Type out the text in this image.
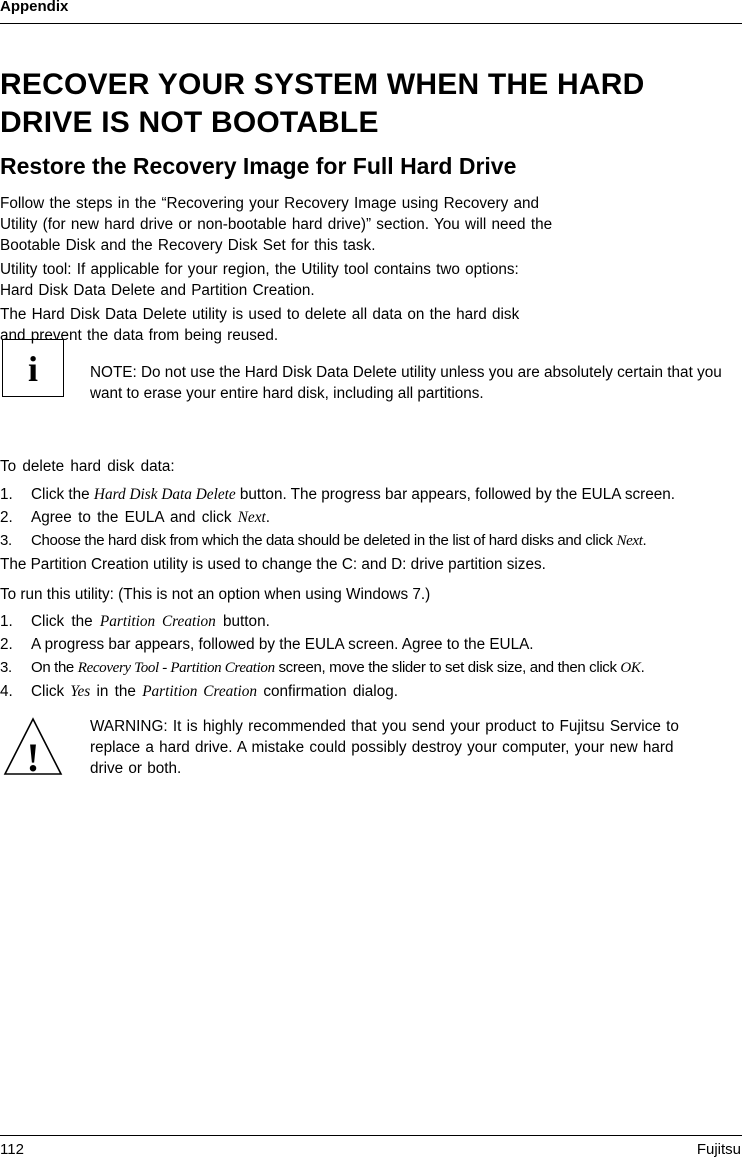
Appendix
RECOVER YOUR SYSTEM WHEN THE HARD DRIVE IS NOT BOOTABLE
Restore the Recovery Image for Full Hard Drive
Follow the steps in the “Recovering your Recovery Image using Recovery and
Utility (for new hard drive or non-bootable hard drive)” section. You will need the
Bootable Disk and the Recovery Disk Set for this task.
Utility tool: If applicable for your region, the Utility tool contains two options:
Hard Disk Data Delete and Partition Creation.
The Hard Disk Data Delete utility is used to delete all data on the hard disk
and prevent the data from being reused.
i	NOTE: Do not use the Hard Disk Data Delete utility unless you are absolutely certain that you want to erase your entire hard disk, including all partitions.
To delete hard disk data:
1. Click the Hard Disk Data Delete button. The progress bar appears, followed by the EULA screen.
2. Agree to the EULA and click Next.
3. Choose the hard disk from which the data should be deleted in the list of hard disks and click Next.
The Partition Creation utility is used to change the C: and D: drive partition sizes.
To run this utility: (This is not an option when using Windows 7.)
1. Click the Partition Creation button.
2. A progress bar appears, followed by the EULA screen. Agree to the EULA.
3. On the Recovery Tool - Partition Creation screen, move the slider to set disk size, and then click OK.
4. Click Yes in the Partition Creation confirmation dialog.
!
WARNING: It is highly recommended that you send your product to Fujitsu Service to replace a hard drive. A mistake could possibly destroy your computer, your new hard drive or both.
112	Fujitsu
